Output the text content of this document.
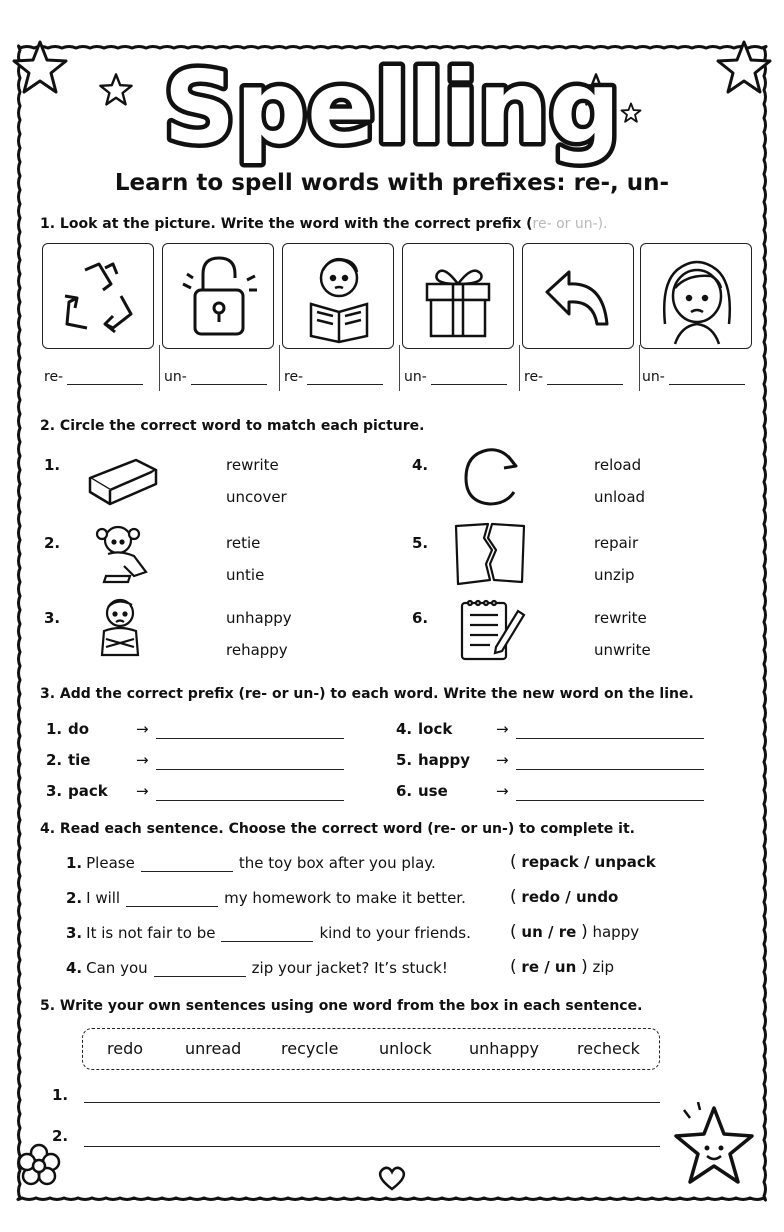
Spelling
Learn to spell words with prefixes: re-, un-
1. Look at the picture. Write the word with the correct prefix (re- or un-).
re-	un-	re-	un-	re-	un-
2. Circle the correct word to match each picture.
1.	rewrite
uncover
4.	reload
unload
2.	retie
untie
5.	repair
unzip
3.	unhappy
rehappy
6.	rewrite
unwrite
3. Add the correct prefix (re- or un-) to each word. Write the new word on the line.
1. do	→	4. lock	→
2. tie	→	5. happy →
3. pack →	6. use	→
4. Read each sentence. Choose the correct word (re- or un-) to complete it.
1. Please	the toy box after you play.	( repack / unpack
2. I will	my homework to make it better.	( redo / undo
3. It is not fair to be	kind to your friends. ( un / re ) happy
4. Can you	zip your jacket? It’s stuck!	( re / un ) zip
5. Write your own sentences using one word from the box in each sentence.
redo	unread recycle	unlock unhappy recheck
1.
2.
